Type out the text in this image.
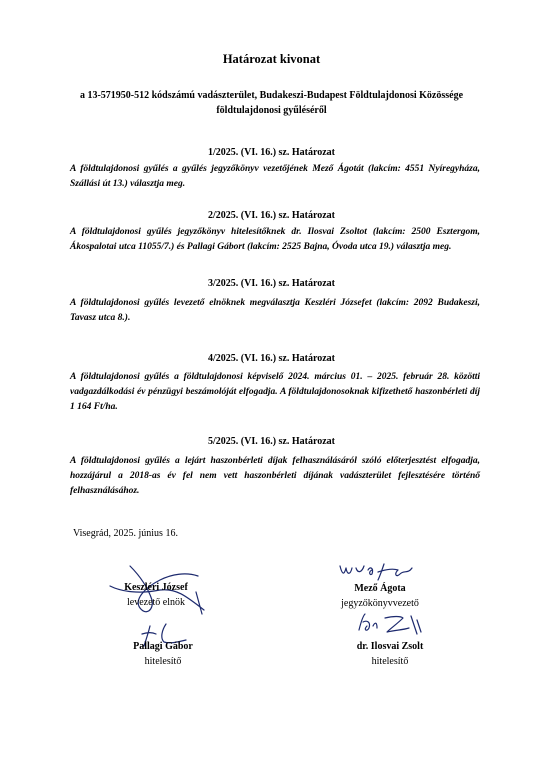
Határozat kivonat
a 13-571950-512 kódszámú vadászterület, Budakeszi-Budapest Földtulajdonosi Közössége
földtulajdonosi gyűléséről
1/2025. (VI. 16.) sz. Határozat
A földtulajdonosi gyűlés a gyűlés jegyzőkönyv vezetőjének Mező Ágotát (lakcím: 4551 Nyíregyháza, Szállási út 13.) választja meg.
2/2025. (VI. 16.) sz. Határozat
A földtulajdonosi gyűlés jegyzőkönyv hitelesítőknek dr. Ilosvai Zsoltot (lakcím: 2500 Esztergom, Ákospalotai utca 11055/7.) és Pallagi Gábort (lakcím: 2525 Bajna, Óvoda utca 19.) választja meg.
3/2025. (VI. 16.) sz. Határozat
A földtulajdonosi gyűlés levezető elnöknek megválasztja Keszléri Józsefet (lakcím: 2092 Budakeszi, Tavasz utca 8.).
4/2025. (VI. 16.) sz. Határozat
A földtulajdonosi gyűlés a földtulajdonosi képviselő 2024. március 01. – 2025. február 28. közötti vadgazdálkodási év pénzügyi beszámolóját elfogadja. A földtulajdonosoknak kifizethető haszonbérleti díj 1 164 Ft/ha.
5/2025. (VI. 16.) sz. Határozat
A földtulajdonosi gyűlés a lejárt haszonbérleti díjak felhasználásáról szóló előterjesztést elfogadja, hozzájárul a 2018-as év fel nem vett haszonbérleti díjának vadászterület fejlesztésére történő felhasználásához.
Visegrád, 2025. június 16.
Keszléri József
levezető elnök
Mező Ágota
jegyzőkönyvvezető
Pallagi Gábor
hitelesítő
dr. Ilosvai Zsolt
hitelesítő
